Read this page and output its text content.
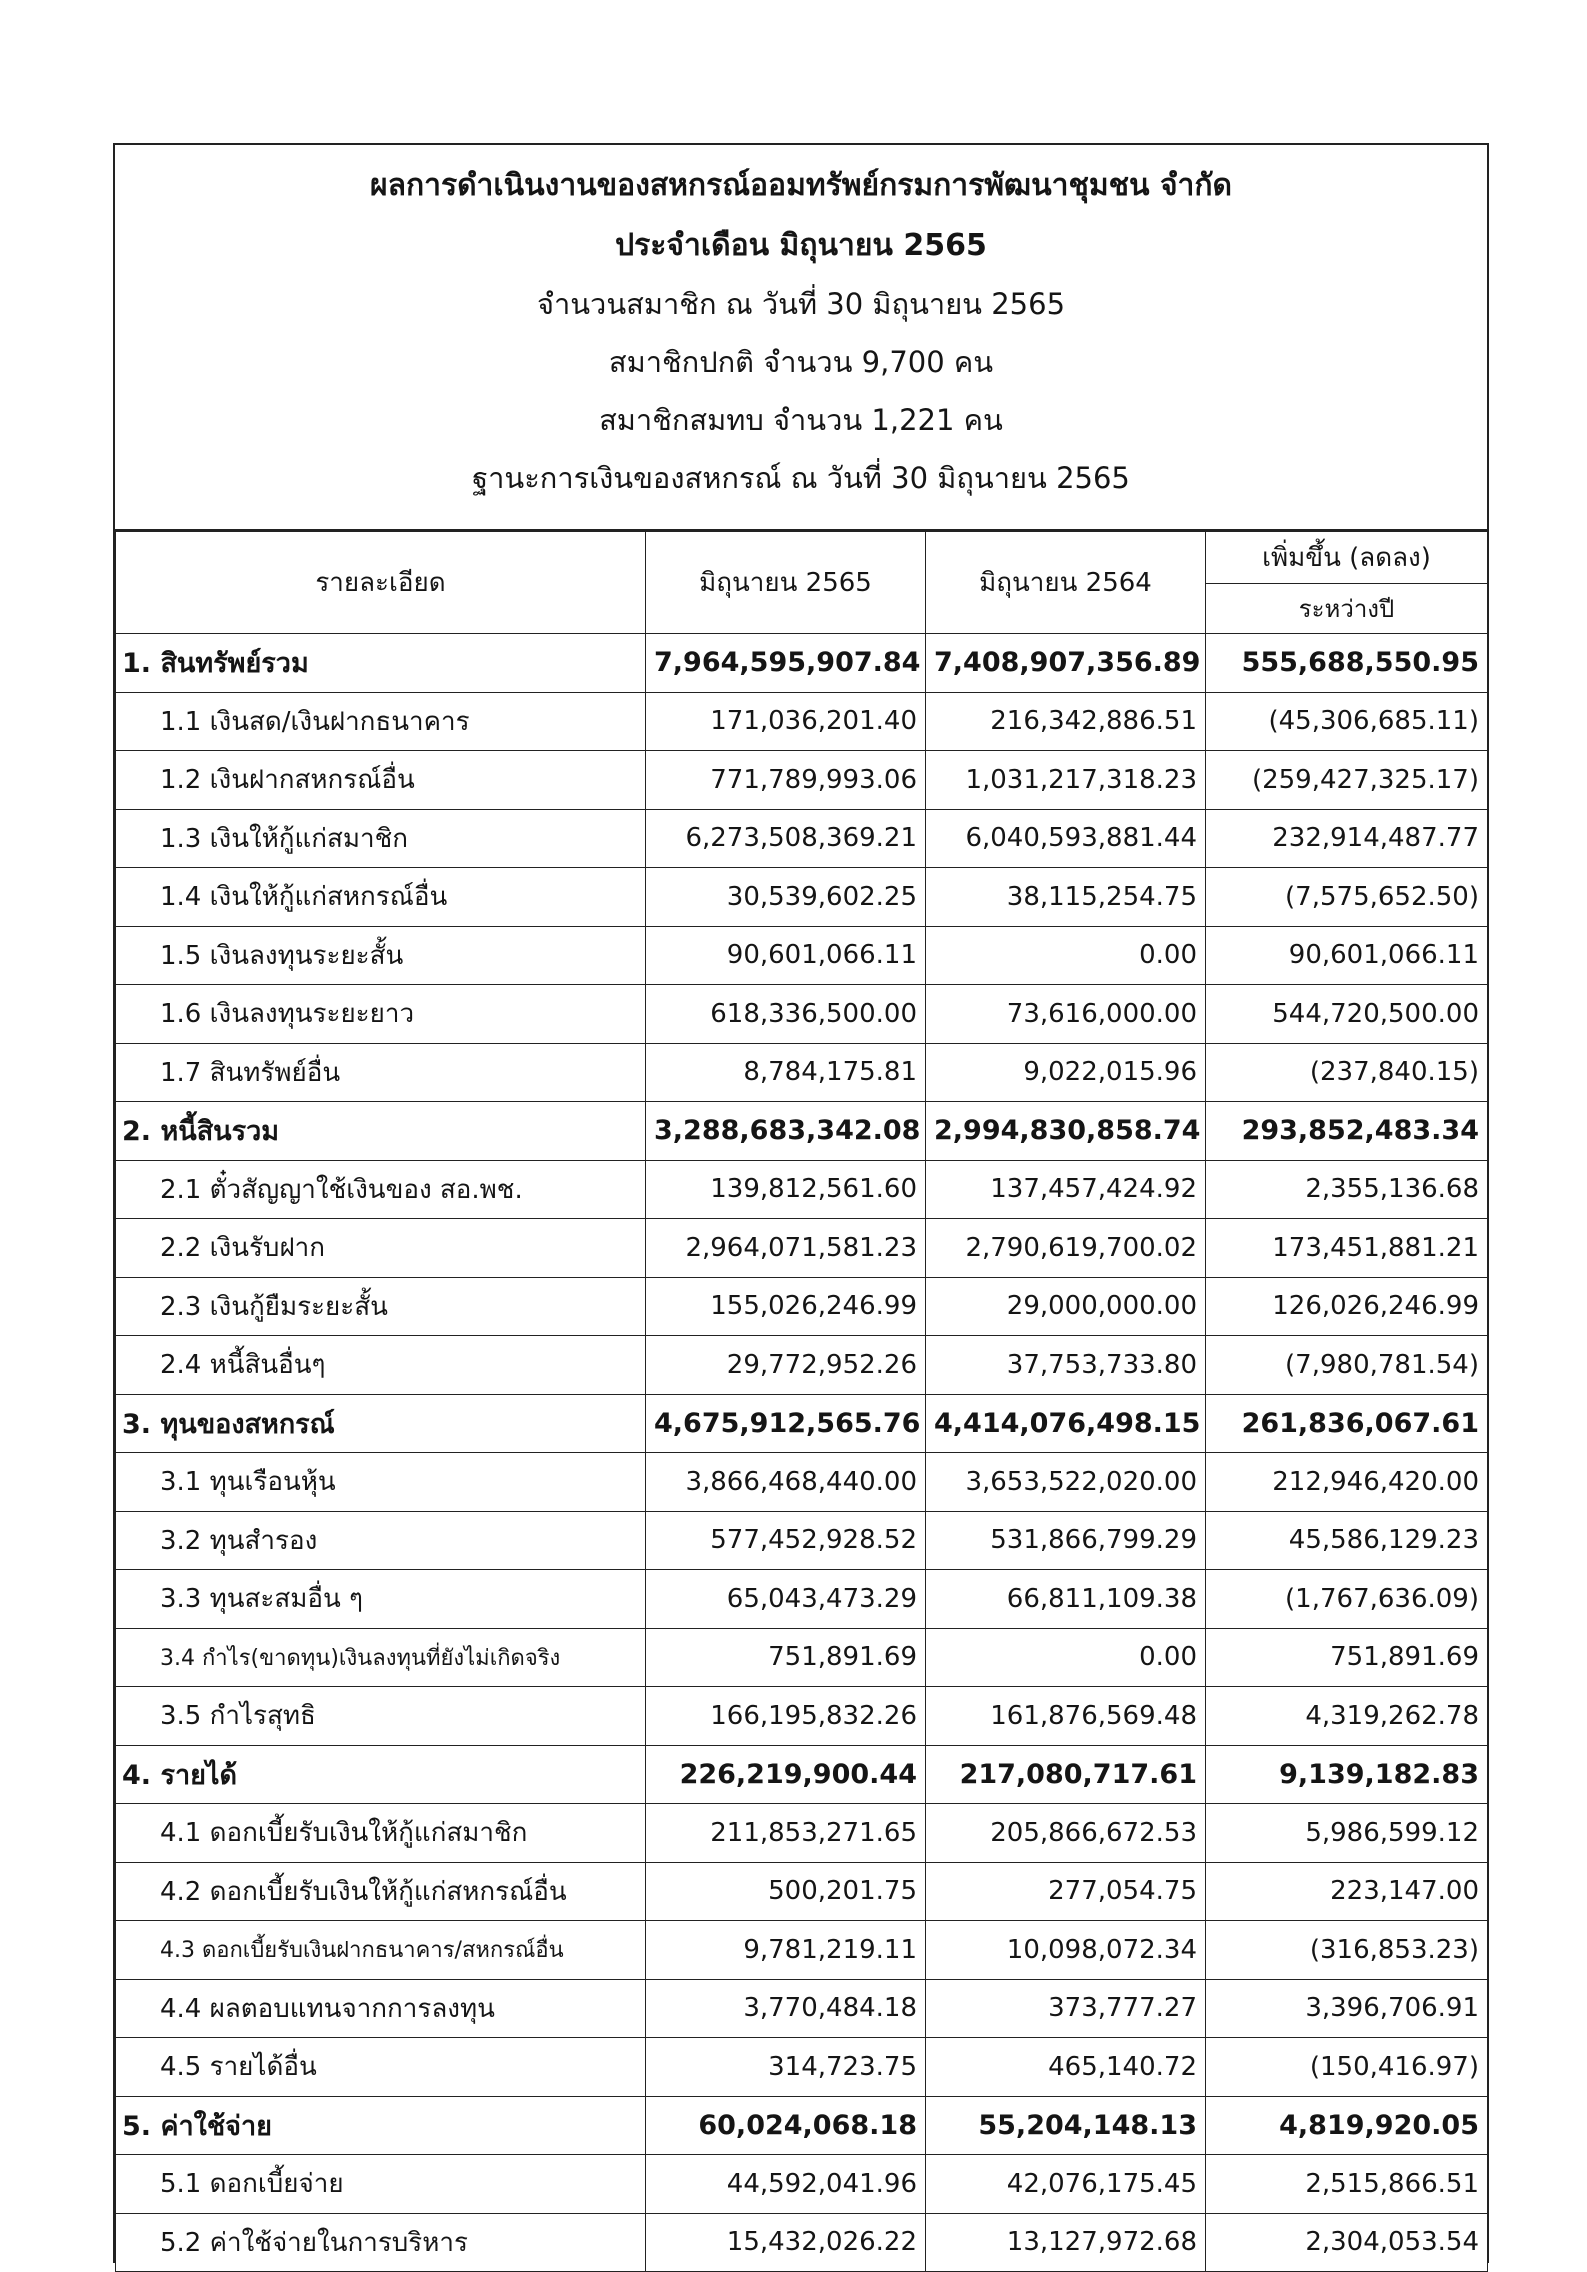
ผลการดำเนินงานของสหกรณ์ออมทรัพย์กรมการพัฒนาชุมชน จำกัด
ประจำเดือน มิถุนายน 2565
จำนวนสมาชิก ณ วันที่ 30 มิถุนายน 2565
สมาชิกปกติ จำนวน 9,700 คน
สมาชิกสมทบ จำนวน 1,221 คน
ฐานะการเงินของสหกรณ์ ณ วันที่ 30 มิถุนายน 2565
รายละเอียด	มิถุนายน 2565	มิถุนายน 2564	เพิ่มขึ้น (ลดลง)
			ระหว่างปี
1. สินทรัพย์รวม	7,964,595,907.84	7,408,907,356.89	555,688,550.95
1.1 เงินสด/เงินฝากธนาคาร	171,036,201.40	216,342,886.51	(45,306,685.11)
1.2 เงินฝากสหกรณ์อื่น	771,789,993.06	1,031,217,318.23	(259,427,325.17)
1.3 เงินให้กู้แก่สมาชิก	6,273,508,369.21	6,040,593,881.44	232,914,487.77
1.4 เงินให้กู้แก่สหกรณ์อื่น	30,539,602.25	38,115,254.75	(7,575,652.50)
1.5 เงินลงทุนระยะสั้น	90,601,066.11	0.00	90,601,066.11
1.6 เงินลงทุนระยะยาว	618,336,500.00	73,616,000.00	544,720,500.00
1.7 สินทรัพย์อื่น	8,784,175.81	9,022,015.96	(237,840.15)
2. หนี้สินรวม	3,288,683,342.08	2,994,830,858.74	293,852,483.34
2.1 ตั๋วสัญญาใช้เงินของ สอ.พช.	139,812,561.60	137,457,424.92	2,355,136.68
2.2 เงินรับฝาก	2,964,071,581.23	2,790,619,700.02	173,451,881.21
2.3 เงินกู้ยืมระยะสั้น	155,026,246.99	29,000,000.00	126,026,246.99
2.4 หนี้สินอื่นๆ	29,772,952.26	37,753,733.80	(7,980,781.54)
3. ทุนของสหกรณ์	4,675,912,565.76	4,414,076,498.15	261,836,067.61
3.1 ทุนเรือนหุ้น	3,866,468,440.00	3,653,522,020.00	212,946,420.00
3.2 ทุนสำรอง	577,452,928.52	531,866,799.29	45,586,129.23
3.3 ทุนสะสมอื่น ๆ	65,043,473.29	66,811,109.38	(1,767,636.09)
3.4 กำไร(ขาดทุน)เงินลงทุนที่ยังไม่เกิดจริง	751,891.69	0.00	751,891.69
3.5 กำไรสุทธิ	166,195,832.26	161,876,569.48	4,319,262.78
4. รายได้	226,219,900.44	217,080,717.61	9,139,182.83
4.1 ดอกเบี้ยรับเงินให้กู้แก่สมาชิก	211,853,271.65	205,866,672.53	5,986,599.12
4.2 ดอกเบี้ยรับเงินให้กู้แก่สหกรณ์อื่น	500,201.75	277,054.75	223,147.00
4.3 ดอกเบี้ยรับเงินฝากธนาคาร/สหกรณ์อื่น	9,781,219.11	10,098,072.34	(316,853.23)
4.4 ผลตอบแทนจากการลงทุน	3,770,484.18	373,777.27	3,396,706.91
4.5 รายได้อื่น	314,723.75	465,140.72	(150,416.97)
5. ค่าใช้จ่าย	60,024,068.18	55,204,148.13	4,819,920.05
5.1 ดอกเบี้ยจ่าย	44,592,041.96	42,076,175.45	2,515,866.51
5.2 ค่าใช้จ่ายในการบริหาร	15,432,026.22	13,127,972.68	2,304,053.54
